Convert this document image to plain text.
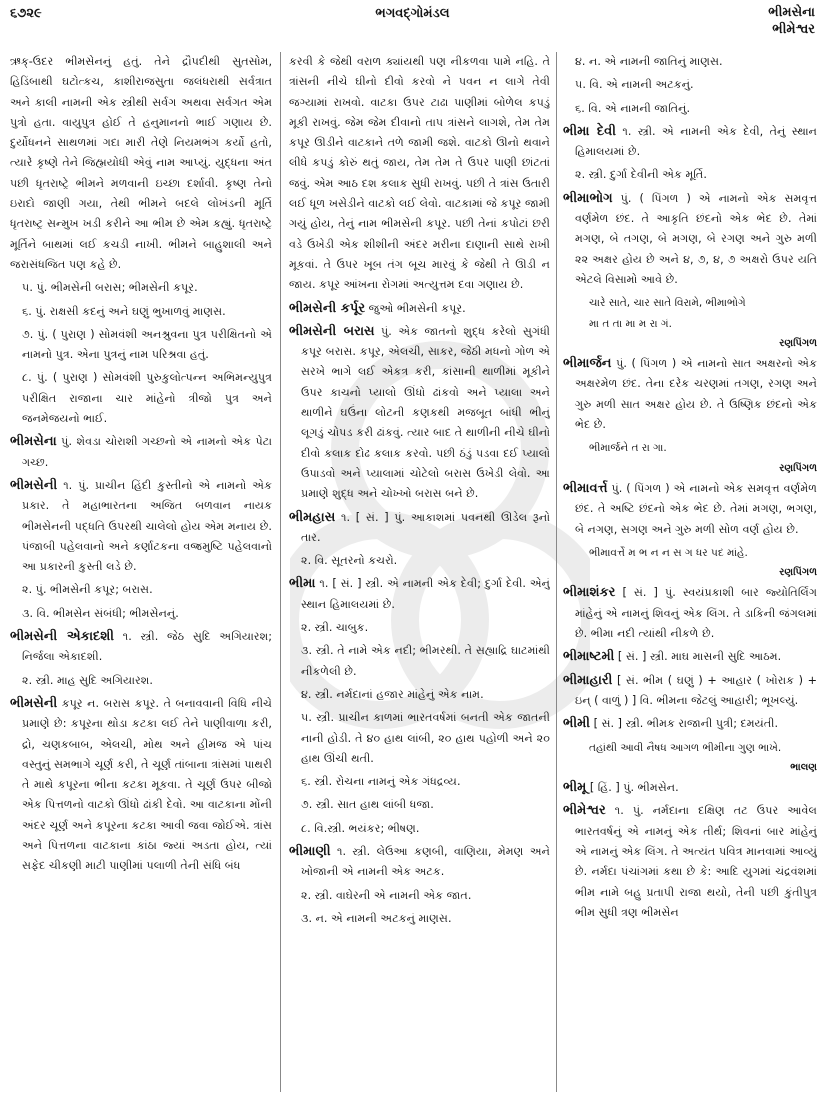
૬૭૨૯	ભગવદ્ગોમંડલ	ભીમસેના
ભીમેશ્વર

ઋક્-ઉદર ભીમસેનનું હતું. તેને દ્રૌપદીથી સુતસોમ, હિડિંબાથી ઘટોત્કચ, કાશીરાજસુતા જલંધરાથી સર્વત્રાત અને કાલી નામની એક સ્ત્રીથી સર્વગ અથવા સર્વગત એમ પુત્રો હતા. વાયુપુત્ર હોઈ તે હનુમાનનો ભાઈ ગણાય છે. દુર્યોધનને સાથળમાં ગદા મારી તેણે નિયમભંગ કર્યો હતો, ત્યારે કૃષ્ણે તેને જિહ્મયોધી એવું નામ આપ્યું. યુદ્ધના અંત પછી ધૃતરાષ્ટ્રે ભીમને મળવાની ઇચ્છા દર્શાવી. કૃષ્ણ તેનો ઇરાદો જાણી ગયા, તેથી ભીમને બદલે લોખંડની મૂર્તિ ધૃતરાષ્ટ્ર સન્મુખ ખડી કરીને આ ભીમ છે એમ કહ્યું. ધૃતરાષ્ટ્રે મૂર્તિને બાથમાં લઈ કચડી નાખી. ભીમને બાહુશાલી અને જરાસંધજિત પણ કહે છે.

૫. પું. ભીમસેની બરાસ; ભીમસેની કપૂર.

૬. પું. રાક્ષસી કદનું અને ઘણું ભુખાળવું માણસ.

૭. પું. ( પુરાણ ) સોમવંશી અનશ્રુવના પુત્ર પરીક્ષિતનો એ નામનો પુત્ર. એના પુત્રનું નામ પરિશ્રવા હતું.

૮. પું. ( પુરાણ ) સોમવંશી પુરુકુલોત્પન્ન અભિમન્યુપુત્ર પરીક્ષિત રાજાના ચાર માંહેનો ત્રીજો પુત્ર અને જનમેજયનો ભાઈ.

ભીમસેના પું. શેવડા ચોરાશી ગચ્છનો એ નામનો એક પેટા ગચ્છ.

ભીમસેની ૧. પું. પ્રાચીન હિંદી કુસ્તીનો એ નામનો એક પ્રકાર. તે મહાભારતના અજિત બળવાન નાયક ભીમસેનની પદ્ધતિ ઉપરથી ચાલેલો હોય એમ મનાય છે. પંજાબી પહેલવાનો અને કર્ણાટકના વજ્રમુષ્ટિ પહેલવાનો આ પ્રકારની કુસ્તી લડે છે.

૨. પું. ભીમસેની કપૂર; બરાસ.

૩. વિ. ભીમસેન સંબંધી; ભીમસેનનું.

ભીમસેની એકાદશી ૧. સ્ત્રી. જેઠ સુદિ અગિયારશ; નિર્જલા એકાદશી.

૨. સ્ત્રી. માહ સુદિ અગિયારશ.

ભીમસેની કપૂર ન. બરાસ કપૂર. તે બનાવવાની વિધિ નીચે પ્રમાણે છે: કપૂરના થોડા કટકા લઈ તેને પાણીવાળા કરી, દ્રો, ચણકબાબ, એલચી, મોથ અને હીમજ એ પાંચ વસ્તુનું સમભાગે ચૂર્ણ કરી, તે ચૂર્ણ તાંબાના ત્રાંસમાં પાથરી તે માથે કપૂરના ભીના કટકા મૂકવા. તે ચૂર્ણ ઉપર બીજો એક પિત્તળનો વાટકો ઊંધો ઢાંકી દેવો. આ વાટકાના મોંની અંદર ચૂર્ણ અને કપૂરના કટકા આવી જવા જોઈએ. ત્રાંસ અને પિત્તળના વાટકાના કાંઠા જ્યાં અડતા હોય, ત્યાં સફેદ ચીકણી માટી પાણીમાં પલાળી તેની સંધિ બંધ

કરવી કે જેથી વરાળ ક્યાંયથી પણ નીકળવા પામે નહિ. તે ત્રાંસની નીચે ઘીનો દીવો કરવો ને પવન ન લાગે તેવી જગ્યામાં રાખવો. વાટકા ઉપર ટાઢા પાણીમાં બોળેલ કપડું મૂકી રાખવું. જેમ જેમ દીવાનો તાપ ત્રાંસને લાગશે, તેમ તેમ કપૂર ઊડીને વાટકાને તળે જામી જશે. વાટકો ઊનો થવાને લીધે કપડું કોરું થતું જાય, તેમ તેમ તે ઉપર પાણી છાંટતાં જવું. એમ આઠ દશ કલાક સુધી રાખવું. પછી તે ત્રાંસ ઉતારી લઈ ધૂળ ખસેડીને વાટકો લઈ લેવો. વાટકામાં જે કપૂર જામી ગયું હોય, તેનું નામ ભીમસેની કપૂર. પછી તેનાં કપોટાં છરી વડે ઉખેડી એક શીશીની અંદર મરીના દાણાની સાથે રાખી મૂકવાં. તે ઉપર ખૂબ તંગ બૂચ મારવું કે જેથી તે ઊડી ન જાય. કપૂર આંખના રોગમાં અત્યુત્તમ દવા ગણાય છે.

ભીમસેની કર્પૂર જુઓ ભીમસેની કપૂર.

ભીમસેની બરાસ પું. એક જાતનો શુદ્ધ કરેલો સુગંધી કપૂર બરાસ. કપૂર, એલચી, સાકર, જેઠી મધનો ગોળ એ સરખે ભાગે લઈ એકત્ર કરી, કાંસાની થાળીમાં મૂકીને ઉપર કાચનો પ્યાલો ઊંધો ઢાંકવો અને પ્યાલા અને થાળીને ઘઉંના લોટની કણકથી મજબૂત બાંધી ભીનું લૂગડું ચોપડ કરી ઢાંકવું. ત્યાર બાદ તે થાળીની નીચે ઘીનો દીવો કલાક દોઢ કલાક કરવો. પછી ઠંડું પડવા દઈ પ્યાલો ઉપાડવો અને પ્યાલામાં ચોટેલો બરાસ ઉખેડી લેવો. આ પ્રમાણે શુદ્ધ અને ચોખ્ખો બરાસ બને છે.

ભીમહાસ ૧. [ સં. ] પું. આકાશમાં પવનથી ઊડેલ રૂનો તાર.

૨. વિ. સૂતરનો કચરો.

ભીમા ૧. [ સં. ] સ્ત્રી. એ નામની એક દેવી; દુર્ગા દેવી. એનું સ્થાન હિમાલયમાં છે.

૨. સ્ત્રી. ચાબુક.

૩. સ્ત્રી. તે નામે એક નદી; ભીમરથી. તે સહ્યાદ્રિ ઘાટમાંથી નીકળેલી છે.

૪. સ્ત્રી. નર્મદાનાં હજાર માંહેનું એક નામ.

૫. સ્ત્રી. પ્રાચીન કાળમાં ભારતવર્ષમાં બનતી એક જાતની નાની હોડી. તે ૪૦ હાથ લાંબી, ૨૦ હાથ પહોળી અને ૨૦ હાથ ઊંચી થતી.

૬. સ્ત્રી. રોચના નામનું એક ગંધદ્રવ્ય.

૭. સ્ત્રી. સાત હાથ લાંબી ધજા.

૮. વિ.સ્ત્રી. ભયંકર; ભીષણ.

ભીમાણી ૧. સ્ત્રી. લેઉઆ કણબી, વાણિયા, મેમણ અને ખોજાની એ નામની એક અટક.

૨. સ્ત્રી. વાઘેરની એ નામની એક જાત.

૩. ન. એ નામની અટકનું માણસ.

૪. ન. એ નામની જાતિનું માણસ.

૫. વિ. એ નામની અટકનું.

૬. વિ. એ નામની જાતિનું.

ભીમા દેવી ૧. સ્ત્રી. એ નામની એક દેવી, તેનું સ્થાન હિમાલયમાં છે.

૨. સ્ત્રી. દુર્ગા દેવીની એક મૂર્તિ.

ભીમાભોગ પું. ( પિંગળ ) એ નામનો એક સમવૃત્ત વર્ણમેળ છંદ. તે આકૃતિ છંદનો એક ભેદ છે. તેમાં મગણ, બે તગણ, બે મગણ, બે રગણ અને ગુરુ મળી ૨૨ અક્ષર હોય છે અને ૪, ૭, ૪, ૭ અક્ષરો ઉપર યતિ એટલે વિસામો આવે છે.

ચારે સાતે, ચાર સાતે વિરામે, ભીમાભોગે
મા ત તા મા મ રા ગં.

રણપિંગળ

ભીમાર્જન પું. ( પિંગળ ) એ નામનો સાત અક્ષરનો એક અક્ષરમેળ છંદ. તેના દરેક ચરણમાં તગણ, રગણ અને ગુરુ મળી સાત અક્ષર હોય છે. તે ઉષ્ણિક છંદનો એક ભેદ છે.

ભીમાર્જને ત રા ગા.
રણપિંગળ

ભીમાવર્ત્ત પું. ( પિંગળ ) એ નામનો એક સમવૃત્ત વર્ણમેળ છંદ. તે અષ્ટિ છંદનો એક ભેદ છે. તેમાં મગણ, ભગણ, બે નગણ, સગણ અને ગુરુ મળી સોળ વર્ણ હોય છે.

ભીમાવર્ત્તે મ ભ ન ન સ ગ ધર પદ માંહે.

રણપિંગળ

ભીમાશંકર [ સં. ] પું. સ્વયંપ્રકાશી બાર જ્યોતિર્લિંગ માંહેનું એ નામનું શિવનું એક લિંગ. તે ડાકિની જંગલમાં છે. ભીમા નદી ત્યાંથી નીકળે છે.

ભીમાષ્ટમી [ સં. ] સ્ત્રી. માઘ માસની સુદિ આઠમ.

ભીમાહારી [ સં. ભીમ ( ઘણું ) + આહાર ( ખોરાક ) + ઇન્ ( વાળું ) ] વિ. ભીમના જેટલું આહારી; ભૂખલ્યું.

ભીમી [ સં. ] સ્ત્રી. ભીમક રાજાની પુત્રી; દમયંતી.

તહાંથી આવી નૈષધ આગળ ભીમીના ગુણ ભાખે.

ભાલણ

ભીમૂ [ હિં. ] પું. ભીમસેન.

ભીમેશ્વર ૧. પું. નર્મદાના દક્ષિણ તટ ઉપર આવેલ ભારતવર્ષનું એ નામનું એક તીર્થ; શિવનાં બાર માંહેનું એ નામનું એક લિંગ. તે અત્યંત પવિત્ર માનવામાં આવ્યું છે. નર્મદા પંચાંગમાં કથા છે કે: આદિ યુગમાં ચંદ્રવંશમાં ભીમ નામે બહુ પ્રતાપી રાજા થયો, તેની પછી કુંતીપુત્ર ભીમ સુધી ત્રણ ભીમસેન
